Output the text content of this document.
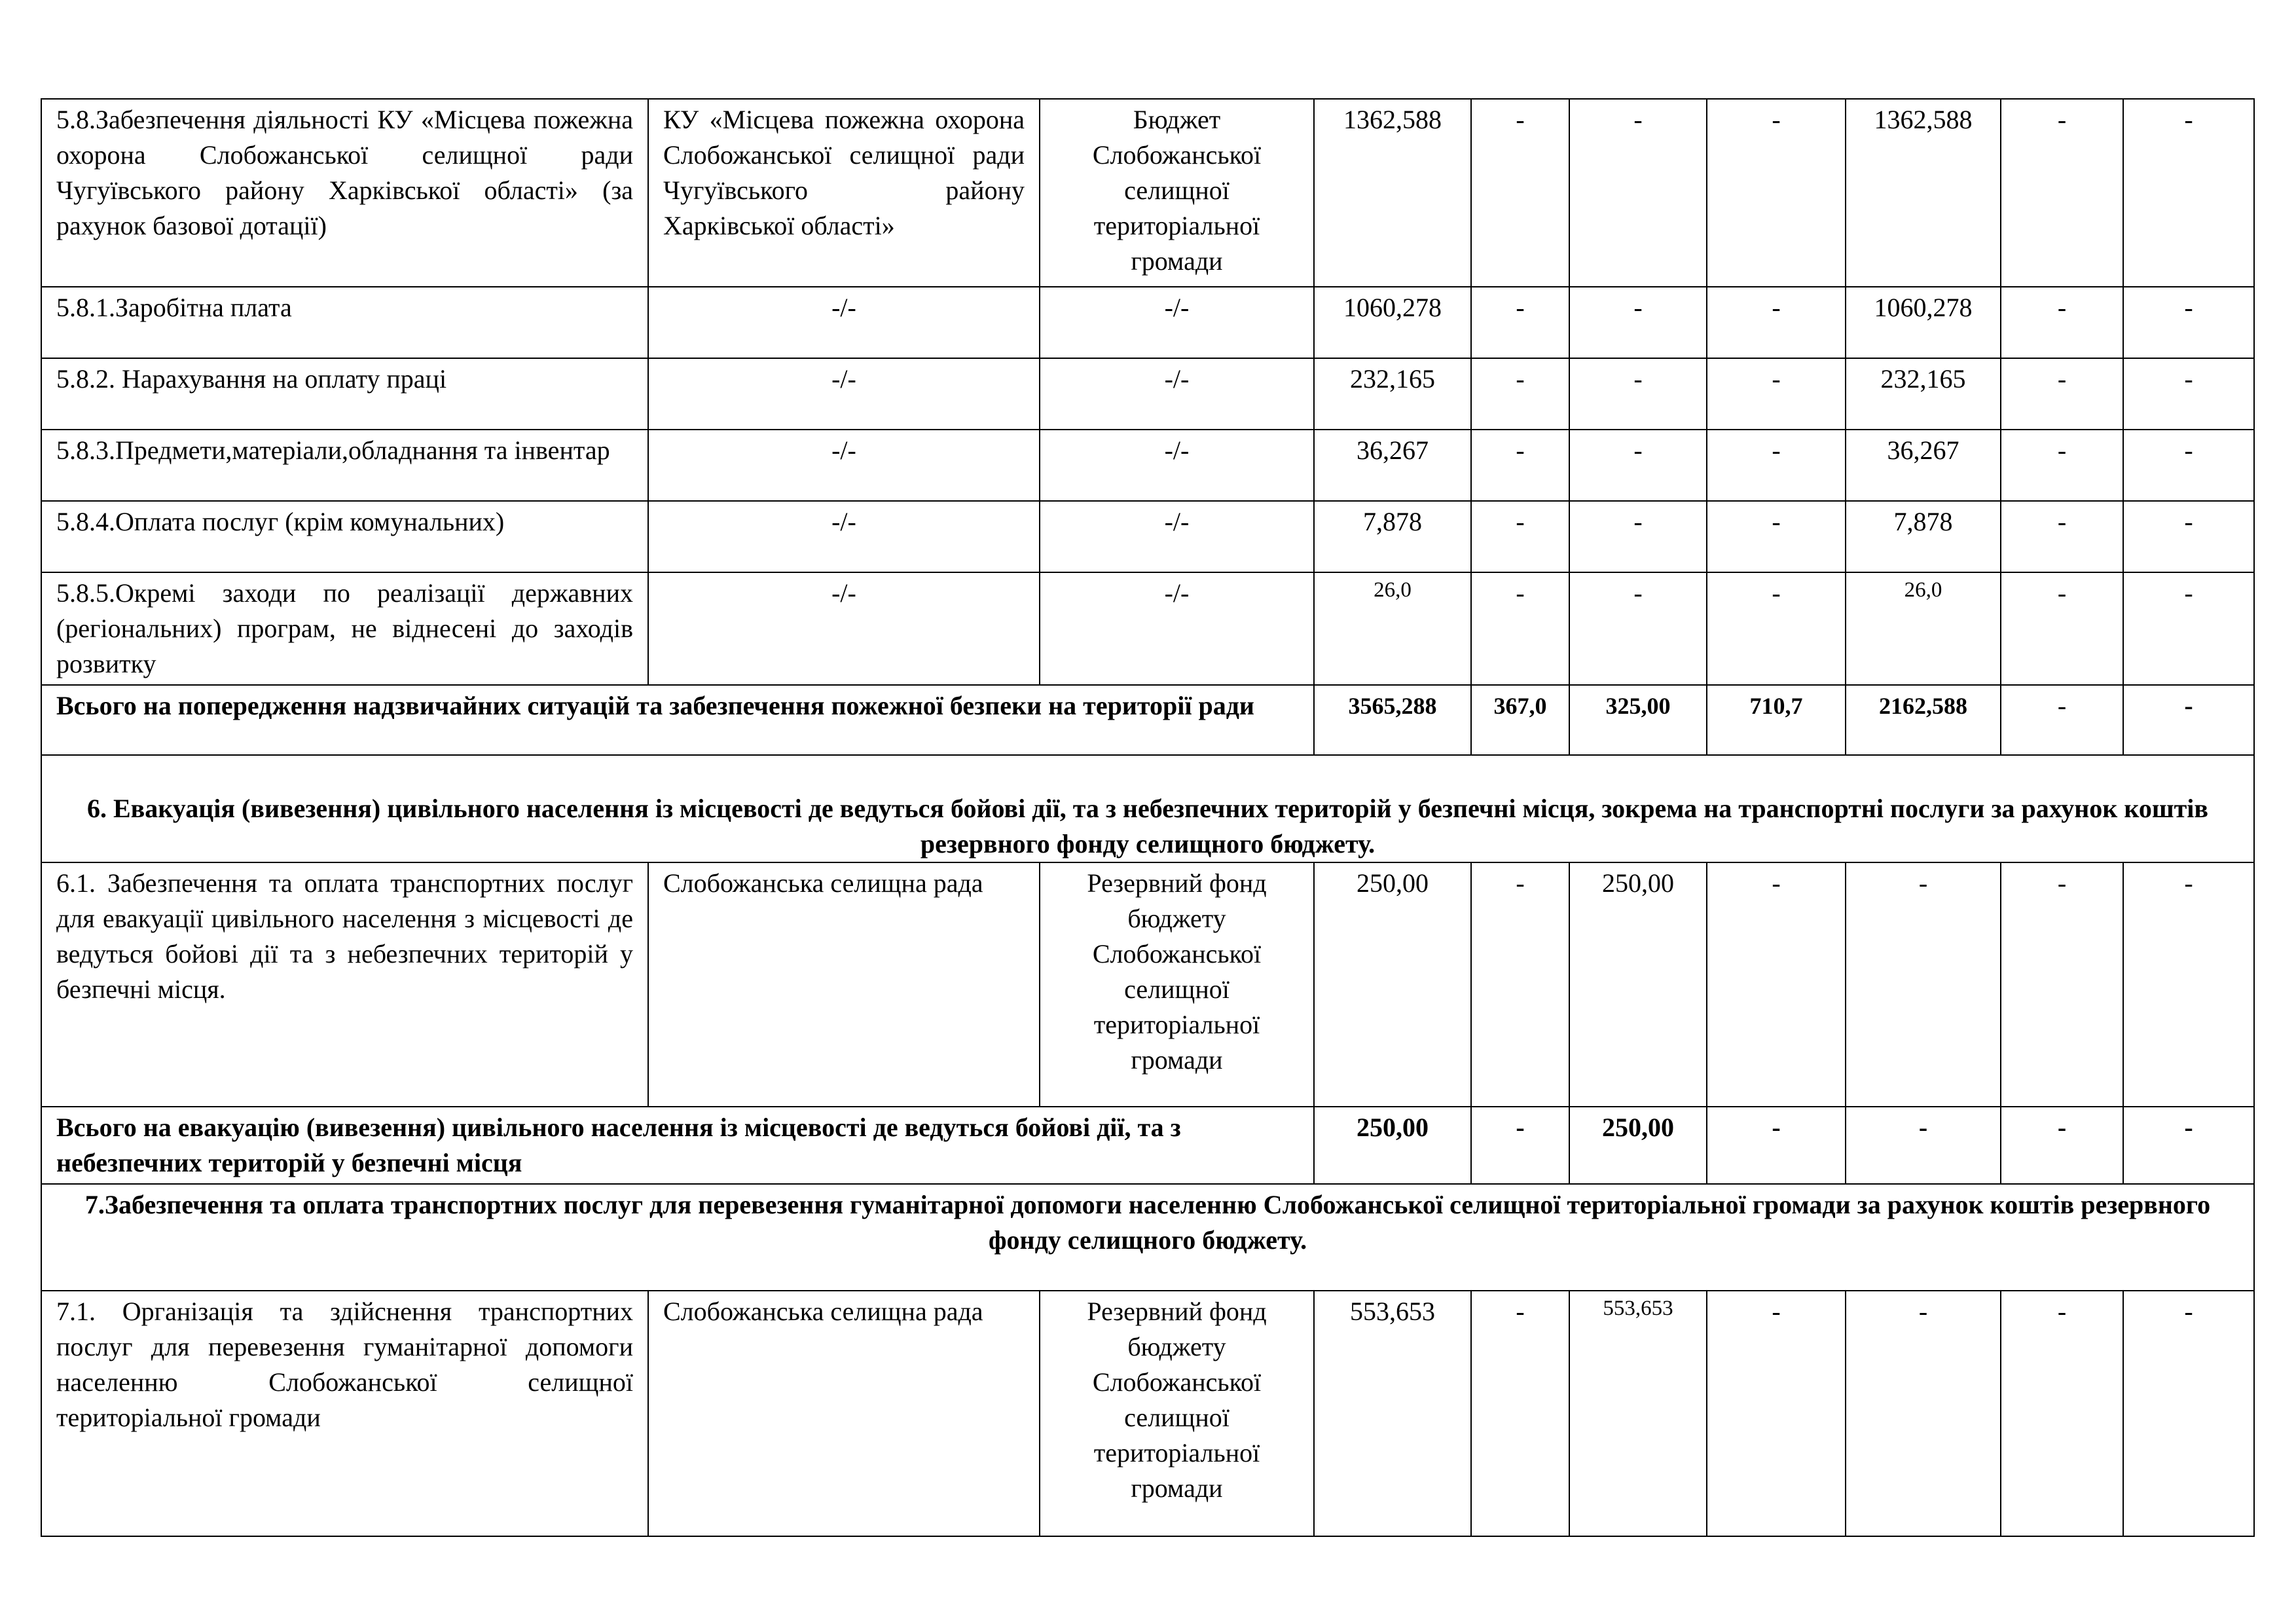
5.8.Забезпечення діяльності КУ «Місцева пожежна охорона Слобожанської селищної ради Чугуївського району Харківської області» (за рахунок базової дотації)	КУ «Місцева пожежна охорона Слобожанської селищної ради Чугуївського району Харківської області»	Бюджет Слобожанської селищної територіальної громади	1362,588	-	-	-	1362,588	-	-
5.8.1.Заробітна плата	-/-	-/-	1060,278	-	-	-	1060,278	-	-
5.8.2. Нарахування на оплату праці	-/-	-/-	232,165	-	-	-	232,165	-	-
5.8.3.Предмети,матеріали,обладнання та інвентар	-/-	-/-	36,267	-	-	-	36,267	-	-
5.8.4.Оплата послуг (крім комунальних)	-/-	-/-	7,878	-	-	-	7,878	-	-
5.8.5.Окремі заходи по реалізації державних (регіональних) програм, не віднесені до заходів розвитку	-/-	-/-	26,0	-	-	-	26,0	-	-
Всього на попередження надзвичайних ситуацій та забезпечення пожежної безпеки на території ради			3565,288	367,0	325,00	710,7	2162,588	-	-
6. Евакуація (вивезення) цивільного населення із місцевості де ведуться бойові дії, та з небезпечних територій у безпечні місця, зокрема на транспортні послуги за рахунок коштів резервного фонду селищного бюджету.									
6.1. Забезпечення та оплата транспортних послуг для евакуації цивільного населення з місцевості де ведуться бойові дії та з небезпечних територій у безпечні місця.	Слобожанська селищна рада	Резервний фонд бюджету Слобожанської селищної територіальної громади	250,00	-	250,00	-	-	-	-
Всього на евакуацію (вивезення) цивільного населення із місцевості де ведуться бойові дії, та з небезпечних територій у безпечні місця			250,00	-	250,00	-	-	-	-
7.Забезпечення та оплата транспортних послуг для перевезення гуманітарної допомоги населенню Слобожанської селищної територіальної громади за рахунок коштів резервного фонду селищного бюджету.									
7.1. Організація та здійснення транспортних послуг для перевезення гуманітарної допомоги населенню Слобожанської селищної територіальної громади	Слобожанська селищна рада	Резервний фонд бюджету Слобожанської селищної територіальної громади	553,653	-	553,653	-	-	-	-
